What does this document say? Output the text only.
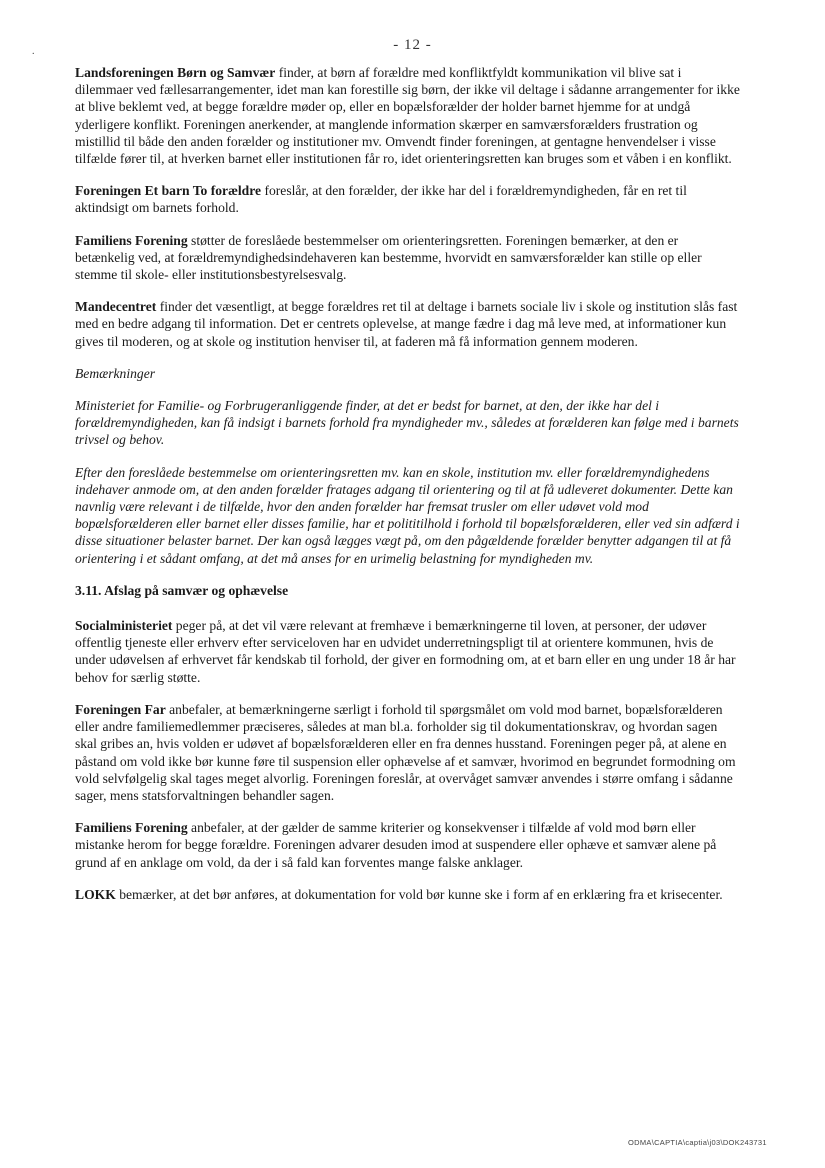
- 12 -
.

Landsforeningen Børn og Samvær finder, at børn af forældre med konfliktfyldt kommunikation vil blive sat i dilemmaer ved fællesarrangementer, idet man kan forestille sig børn, der ikke vil deltage i sådanne arrangementer for ikke at blive beklemt ved, at begge forældre møder op, eller en bopælsforælder der holder barnet hjemme for at undgå yderligere konflikt. Foreningen anerkender, at manglende information skærper en samværsforælders frustration og mistillid til både den anden forælder og institutioner mv. Omvendt finder foreningen, at gentagne henvendelser i visse tilfælde fører til, at hverken barnet eller institutionen får ro, idet orienteringsretten kan bruges som et våben i en konflikt.

Foreningen Et barn To forældre foreslår, at den forælder, der ikke har del i forældremyndigheden, får en ret til aktindsigt om barnets forhold.

Familiens Forening støtter de foreslåede bestemmelser om orienteringsretten. Foreningen bemærker, at den er betænkelig ved, at forældremyndighedsindehaveren kan bestemme, hvorvidt en samværsforælder kan stille op eller stemme til skole- eller institutionsbestyrelsesvalg.

Mandecentret finder det væsentligt, at begge forældres ret til at deltage i barnets sociale liv i skole og institution slås fast med en bedre adgang til information. Det er centrets oplevelse, at mange fædre i dag må leve med, at informationer kun gives til moderen, og at skole og institution henviser til, at faderen må få information gennem moderen.

Bemærkninger

Ministeriet for Familie- og Forbrugeranliggende finder, at det er bedst for barnet, at den, der ikke har del i forældremyndigheden, kan få indsigt i barnets forhold fra myndigheder mv., således at forælderen kan følge med i barnets trivsel og behov.

Efter den foreslåede bestemmelse om orienteringsretten mv. kan en skole, institution mv. eller forældremyndighedens indehaver anmode om, at den anden forælder fratages adgang til orientering og til at få udleveret dokumenter. Dette kan navnlig være relevant i de tilfælde, hvor den anden forælder har fremsat trusler om eller udøvet vold mod bopælsforælderen eller barnet eller disses familie, har et polititilhold i forhold til bopælsforælderen, eller ved sin adfærd i disse situationer belaster barnet. Der kan også lægges vægt på, om den pågældende forælder benytter adgangen til at få orientering i et sådant omfang, at det må anses for en urimelig belastning for myndigheden mv.

3.11. Afslag på samvær og ophævelse

Socialministeriet peger på, at det vil være relevant at fremhæve i bemærkningerne til loven, at personer, der udøver offentlig tjeneste eller erhverv efter serviceloven har en udvidet underretningspligt til at orientere kommunen, hvis de under udøvelsen af erhvervet får kendskab til forhold, der giver en formodning om, at et barn eller en ung under 18 år har behov for særlig støtte.

Foreningen Far anbefaler, at bemærkningerne særligt i forhold til spørgsmålet om vold mod barnet, bopælsforælderen eller andre familiemedlemmer præciseres, således at man bl.a. forholder sig til dokumentationskrav, og hvordan sagen skal gribes an, hvis volden er udøvet af bopælsforælderen eller en fra dennes husstand. Foreningen peger på, at alene en påstand om vold ikke bør kunne føre til suspension eller ophævelse af et samvær, hvorimod en begrundet formodning om vold selvfølgelig skal tages meget alvorlig. Foreningen foreslår, at overvåget samvær anvendes i større omfang i sådanne sager, mens statsforvaltningen behandler sagen.

Familiens Forening anbefaler, at der gælder de samme kriterier og konsekvenser i tilfælde af vold mod børn eller mistanke herom for begge forældre. Foreningen advarer desuden imod at suspendere eller ophæve et samvær alene på grund af en anklage om vold, da der i så fald kan forventes mange falske anklager.

LOKK bemærker, at det bør anføres, at dokumentation for vold bør kunne ske i form af en erklæring fra et krisecenter.

ODMA\CAPTIA\captia\j03\DOK243731
